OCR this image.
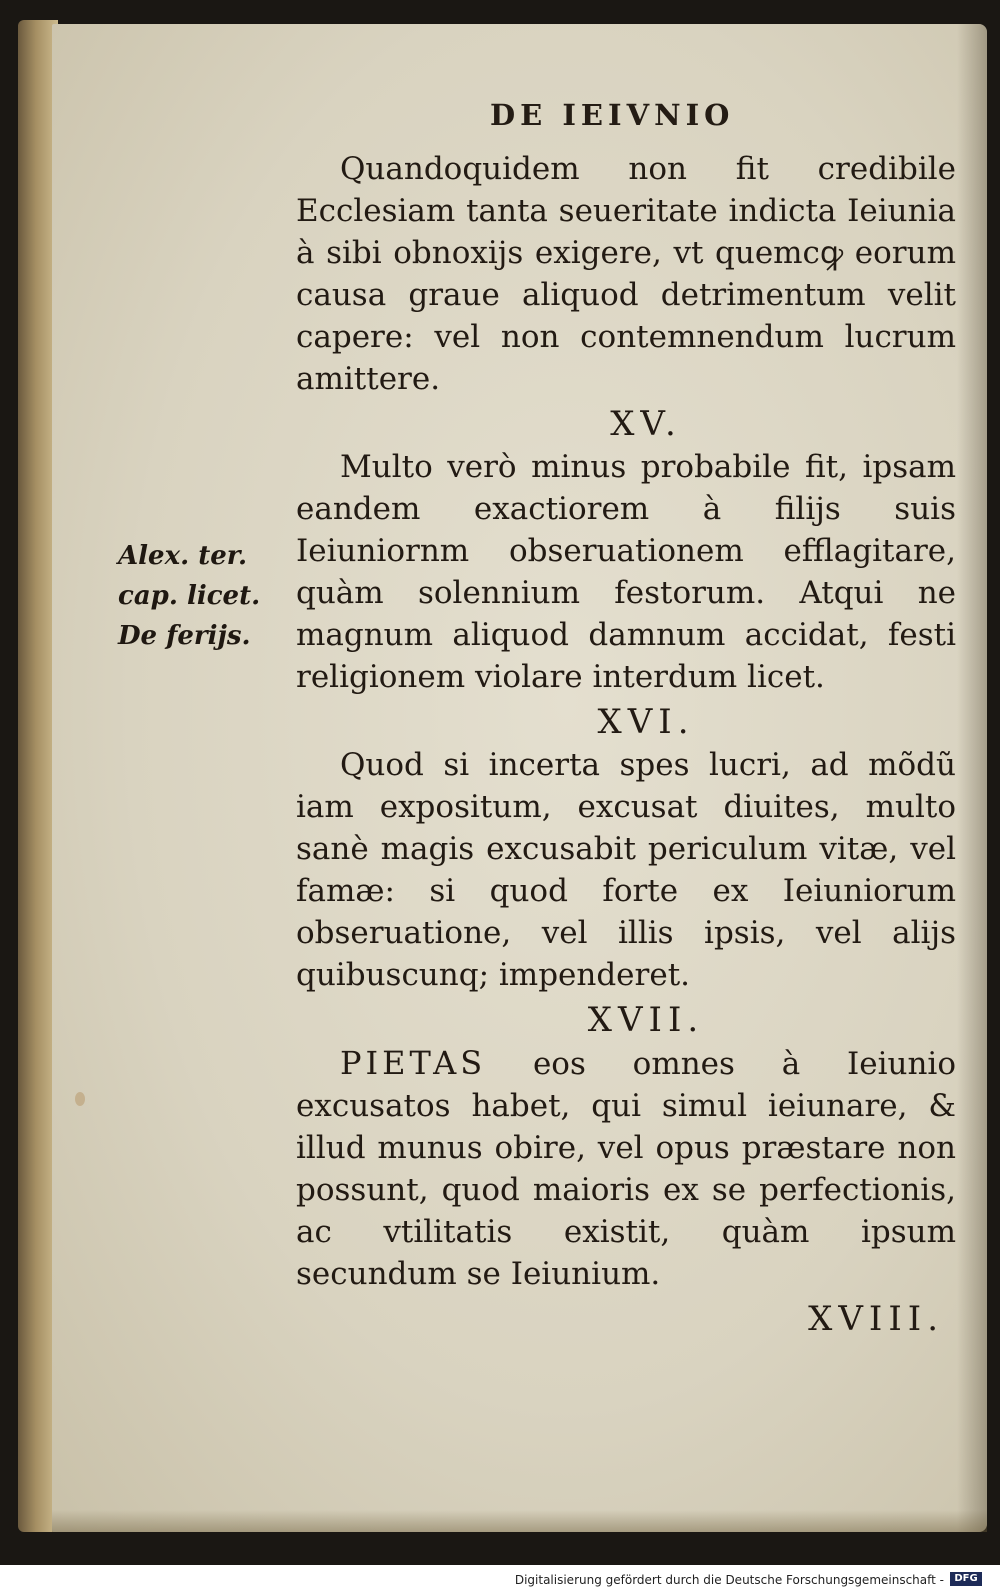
DE IEIVNIO

Quandoquidem non fit credibile Ecclesiam tanta seueritate indicta Ieiunia à sibi obnoxijs exigere, vt quemcꝙ eorum causa graue aliquod detrimentum velit capere: vel non contemnendum lucrum amittere.

XV.

Multo verò minus probabile fit, ipsam eandem exactiorem à filijs suis Ieiuniornm obseruationem efflagitare, quàm solennium festorum. Atqui ne magnum aliquod damnum accidat, festi religionem violare interdum licet.

XVI.

Quod si incerta spes lucri, ad mõdũ iam expositum, excusat diuites, multo sanè magis excusabit periculum vitæ, vel famæ: si quod forte ex Ieiuniorum obseruatione, vel illis ipsis, vel alijs quibuscunq; impenderet.

XVII.

PIETAS eos omnes à Ieiunio excusatos habet, qui simul ieiunare, & illud munus obire, vel opus præstare non possunt, quod maioris ex se perfectionis, ac vtilitatis existit, quàm ipsum secundum se Ieiunium.

XVIII.
Alex. ter.
cap. licet.
De ferijs.
Digitalisierung gefördert durch die Deutsche Forschungsgemeinschaft -	DFG
